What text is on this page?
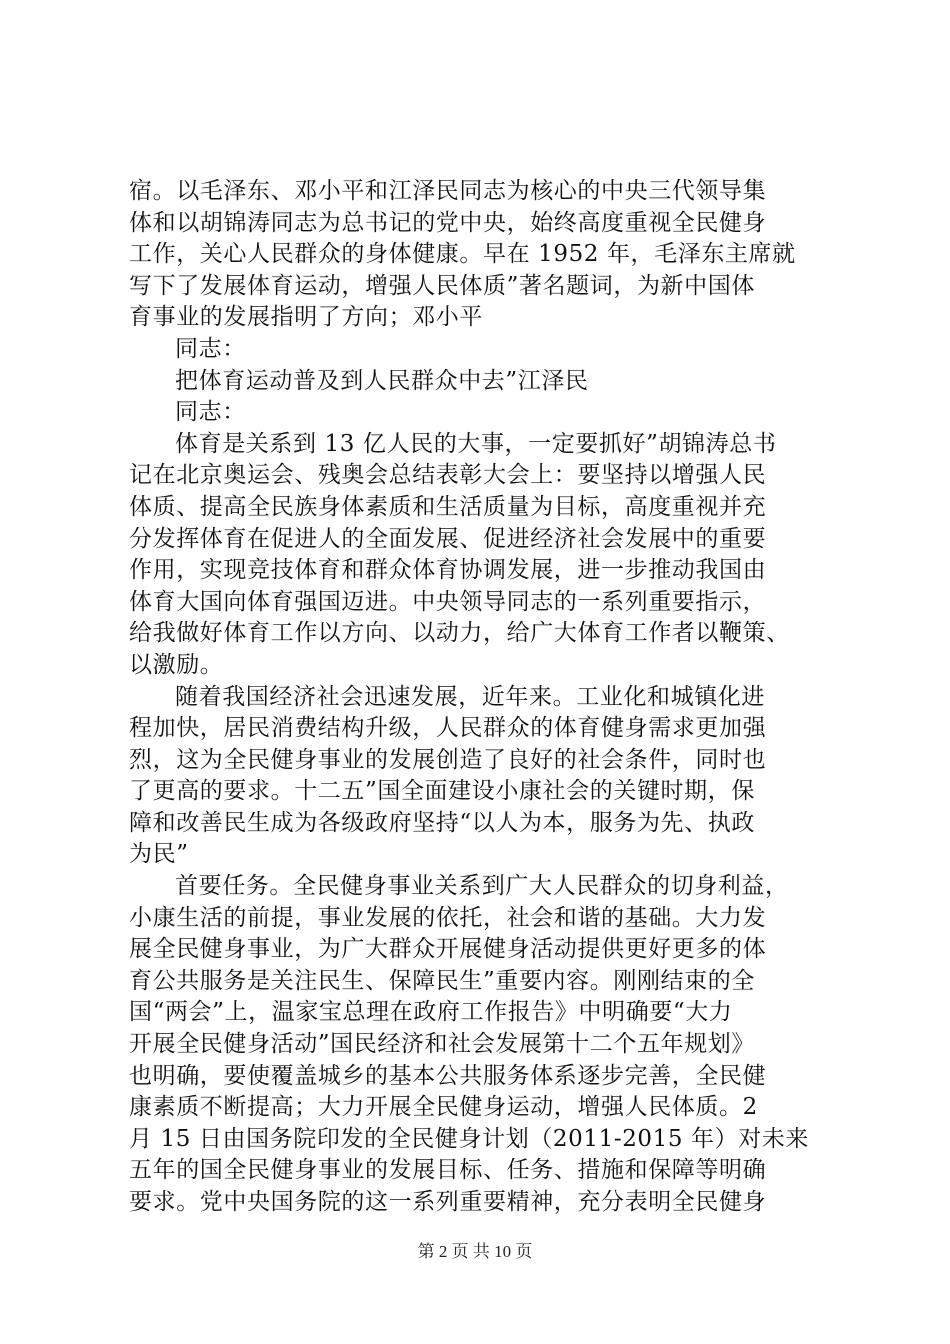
宿。以毛泽东、邓小平和江泽民同志为核心的中央三代领导集
体和以胡锦涛同志为总书记的党中央，始终高度重视全民健身
工作，关心人民群众的身体健康。早在 1952 年，毛泽东主席就
写下了发展体育运动，增强人民体质”著名题词，为新中国体
育事业的发展指明了方向；邓小平
同志：
把体育运动普及到人民群众中去”江泽民
同志：
体育是关系到 13 亿人民的大事，一定要抓好”胡锦涛总书
记在北京奥运会、残奥会总结表彰大会上：要坚持以增强人民
体质、提高全民族身体素质和生活质量为目标，高度重视并充
分发挥体育在促进人的全面发展、促进经济社会发展中的重要
作用，实现竞技体育和群众体育协调发展，进一步推动我国由
体育大国向体育强国迈进。中央领导同志的一系列重要指示，
给我做好体育工作以方向、以动力，给广大体育工作者以鞭策、
以激励。
随着我国经济社会迅速发展，近年来。工业化和城镇化进
程加快，居民消费结构升级，人民群众的体育健身需求更加强
烈，这为全民健身事业的发展创造了良好的社会条件，同时也
了更高的要求。十二五”国全面建设小康社会的关键时期，保
障和改善民生成为各级政府坚持“以人为本，服务为先、执政
为民”
首要任务。全民健身事业关系到广大人民群众的切身利益，
小康生活的前提，事业发展的依托，社会和谐的基础。大力发
展全民健身事业，为广大群众开展健身活动提供更好更多的体
育公共服务是关注民生、保障民生”重要内容。刚刚结束的全
国“两会”上，温家宝总理在政府工作报告》中明确要“大力
开展全民健身活动”国民经济和社会发展第十二个五年规划》
也明确，要使覆盖城乡的基本公共服务体系逐步完善，全民健
康素质不断提高；大力开展全民健身运动，增强人民体质。2
月 15 日由国务院印发的全民健身计划（2011-2015 年）对未来
五年的国全民健身事业的发展目标、任务、措施和保障等明确
要求。党中央国务院的这一系列重要精神，充分表明全民健身
第 2 页 共 10 页
